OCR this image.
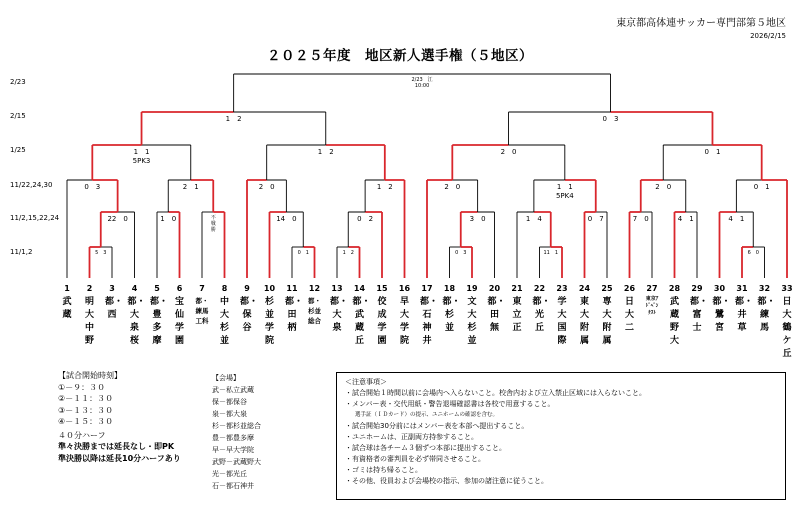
東京都高体連サッカー専門部第５地区
2026/2/15
２０２５年度　地区新人選手権（５地区）
2/23
2/15
1/25
11/22,24,30
11/2,15,22,24
11/1,2
1
武蔵
2
明大中野
3
都・西
4
都・大泉桜
5
都・豊多摩
6
宝仙学園
7
都・練馬工科
8
中大杉並
9
都・保谷
10
杉並学院
11
都・田柄
12
都・杉並総合
13
都・大泉
14
都・武蔵丘
15
佼成学園
16
早大学院
17
都・石神井
18
都・杉並
19
文大杉並
20
都・田無
21
東立正
22
都・光丘
23
学大国際
24
東大附属
25
専大附属
26
日大二
27
東京ｱﾄﾞﾍﾞﾝﾁｽﾄ
28
武蔵野大
29
都・富士
30
都・鷺宮
31
都・井草
32
都・練馬
33
日大鶴ケ丘
2/23　江
10:00
1　2	0　3
1　1
5PK3
1　2	2　0	0　1
0　3	2　1	2　0	1　2	2　0	1　1
5PK4
2　0	0　1
22　0	1　0	14　0	0　2	3　0	1　4	0　7	7　0	4　1	4　1
5　3	0　1	1　2	0　3	11　1	6　0
不戦勝
【試合開始時刻】
①－９：３０
②－１１：３０
③－１３：３０
④－１５：３０
４０分ハーフ
準々決勝までは延長なし・即PK
準決勝以降は延長10分ハーフあり
【会場】
武－私立武蔵
保－都保谷
泉－都大泉
杉－都杉並総合
豊－都豊多摩
早－早大学院
武野－武蔵野大
光－都光丘
石－都石神井
＜注意事項＞
・試合開始１時間以前に会場内へ入らないこと。校舎内および立入禁止区域には入らないこと。
・メンバー表・交代用紙・警告退場確認書は各校で用意すること。
選手証（ＩＤカード）の提示、ユニホームの確認を含む。
・試合開始30分前にはメンバー表を本部へ提出すること。
・ユニホームは、正副両方持参すること。
・試合球は各チーム３個ずつ本部に提出すること。
・有資格者の審判員を必ず帯同させること。
・ゴミは持ち帰ること。
・その他、役員および会場校の指示、参加の諸注意に従うこと。
